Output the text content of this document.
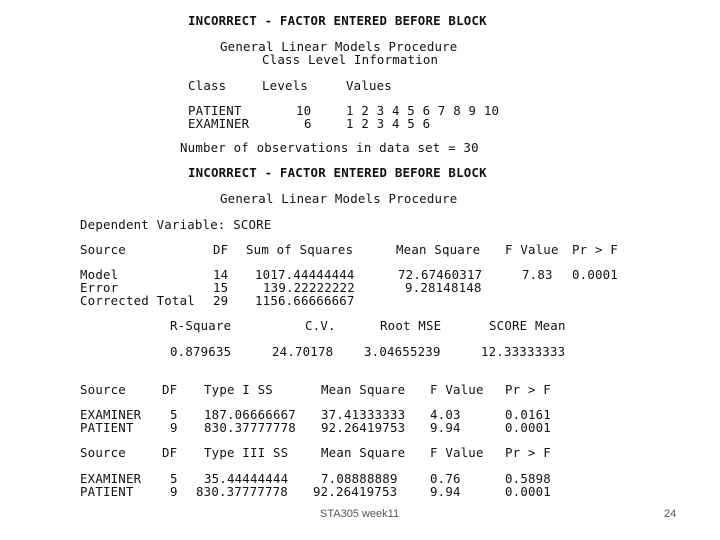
INCORRECT - FACTOR ENTERED BEFORE BLOCK
General Linear Models Procedure
Class Level Information
Class	Levels	Values
PATIENT	10	1 2 3 4 5 6 7 8 9 10
EXAMINER	6	1 2 3 4 5 6
Number of observations in data set = 30
INCORRECT - FACTOR ENTERED BEFORE BLOCK
General Linear Models Procedure
Dependent Variable: SCORE
Source	DF Sum of Squares	Mean Square F Value Pr > F
Model	14 1017.44444444	72.67460317	7.83 0.0001
Error	15	139.22222222	9.28148148
Corrected Total 29 1156.66666667
R-Square	C.V.	Root MSE	SCORE Mean
0.879635	24.70178 3.04655239	12.33333333
Source	DF Type I SS	Mean Square F Value Pr > F
EXAMINER 5 187.06666667 37.41333333 4.03	0.0161
PATIENT	9 830.37777778 92.26419753 9.94	0.0001
Source	DF Type III SS	Mean Square F Value Pr > F
EXAMINER 5 35.44444444	7.08888889	0.76	0.5898
PATIENT	9 830.37777778 92.26419753	9.94	0.0001
STA305 week11	24
